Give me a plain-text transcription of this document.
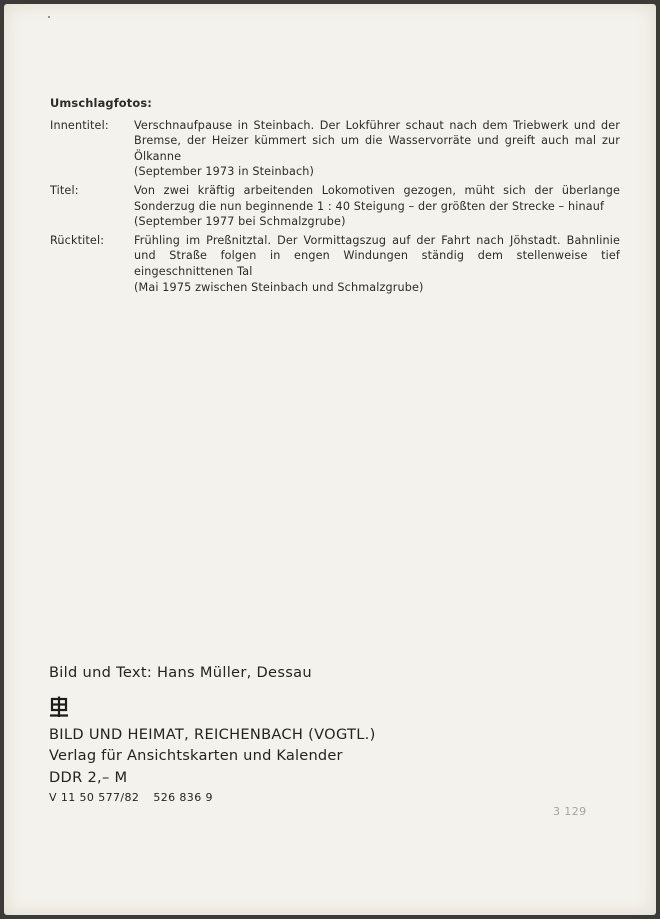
Umschlagfotos:
Innentitel:	Verschnaufpause in Steinbach. Der Lokführer schaut nach dem Triebwerk und der Bremse, der Heizer kümmert sich um die Wasservorräte und greift auch mal zur Ölkanne
(September 1973 in Steinbach)
Titel:	Von zwei kräftig arbeitenden Lokomotiven gezogen, müht sich der überlange Sonderzug die nun beginnende 1 : 40 Steigung – der größten der Strecke – hinauf
(September 1977 bei Schmalzgrube)
Rücktitel:	Frühling im Preßnitztal. Der Vormittagszug auf der Fahrt nach Jöhstadt. Bahnlinie und Straße folgen in engen Windungen ständig dem stellenweise tief eingeschnittenen Tal
(Mai 1975 zwischen Steinbach und Schmalzgrube)
Bild und Text: Hans Müller, Dessau
BILD UND HEIMAT, REICHENBACH (VOGTL.)
Verlag für Ansichtskarten und Kalender
DDR 2,– M
V 11 50 577/82 526 836 9
3 129
